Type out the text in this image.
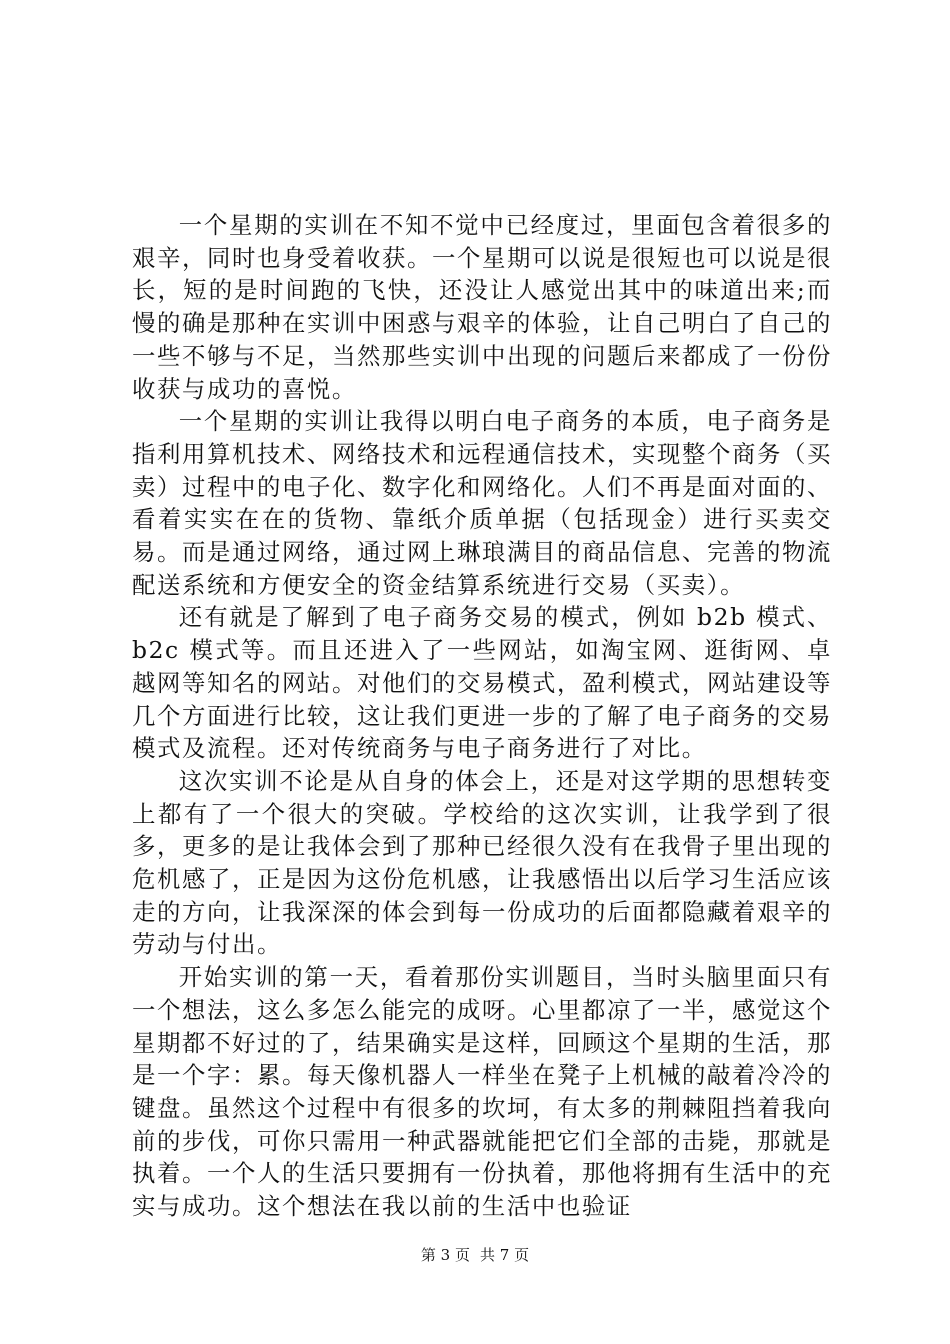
一个星期的实训在不知不觉中已经度过，里面包含着很多的艰辛，同时也身受着收获。一个星期可以说是很短也可以说是很长，短的是时间跑的飞快，还没让人感觉出其中的味道出来;而慢的确是那种在实训中困惑与艰辛的体验，让自己明白了自己的一些不够与不足，当然那些实训中出现的问题后来都成了一份份收获与成功的喜悦。

一个星期的实训让我得以明白电子商务的本质，电子商务是指利用算机技术、网络技术和远程通信技术，实现整个商务（买卖）过程中的电子化、数字化和网络化。人们不再是面对面的、看着实实在在的货物、靠纸介质单据（包括现金）进行买卖交易。而是通过网络，通过网上琳琅满目的商品信息、完善的物流配送系统和方便安全的资金结算系统进行交易（买卖）。

还有就是了解到了电子商务交易的模式，例如 b2b 模式、b2c 模式等。而且还进入了一些网站，如淘宝网、逛街网、卓越网等知名的网站。对他们的交易模式，盈利模式，网站建设等几个方面进行比较，这让我们更进一步的了解了电子商务的交易模式及流程。还对传统商务与电子商务进行了对比。

这次实训不论是从自身的体会上，还是对这学期的思想转变上都有了一个很大的突破。学校给的这次实训，让我学到了很多，更多的是让我体会到了那种已经很久没有在我骨子里出现的危机感了，正是因为这份危机感，让我感悟出以后学习生活应该走的方向，让我深深的体会到每一份成功的后面都隐藏着艰辛的劳动与付出。

开始实训的第一天，看着那份实训题目，当时头脑里面只有一个想法，这么多怎么能完的成呀。心里都凉了一半，感觉这个星期都不好过的了，结果确实是这样，回顾这个星期的生活，那是一个字：累。每天像机器人一样坐在凳子上机械的敲着冷冷的键盘。虽然这个过程中有很多的坎坷，有太多的荆棘阻挡着我向前的步伐，可你只需用一种武器就能把它们全部的击毙，那就是执着。一个人的生活只要拥有一份执着，那他将拥有生活中的充实与成功。这个想法在我以前的生活中也验证

第 3 页 共 7 页
